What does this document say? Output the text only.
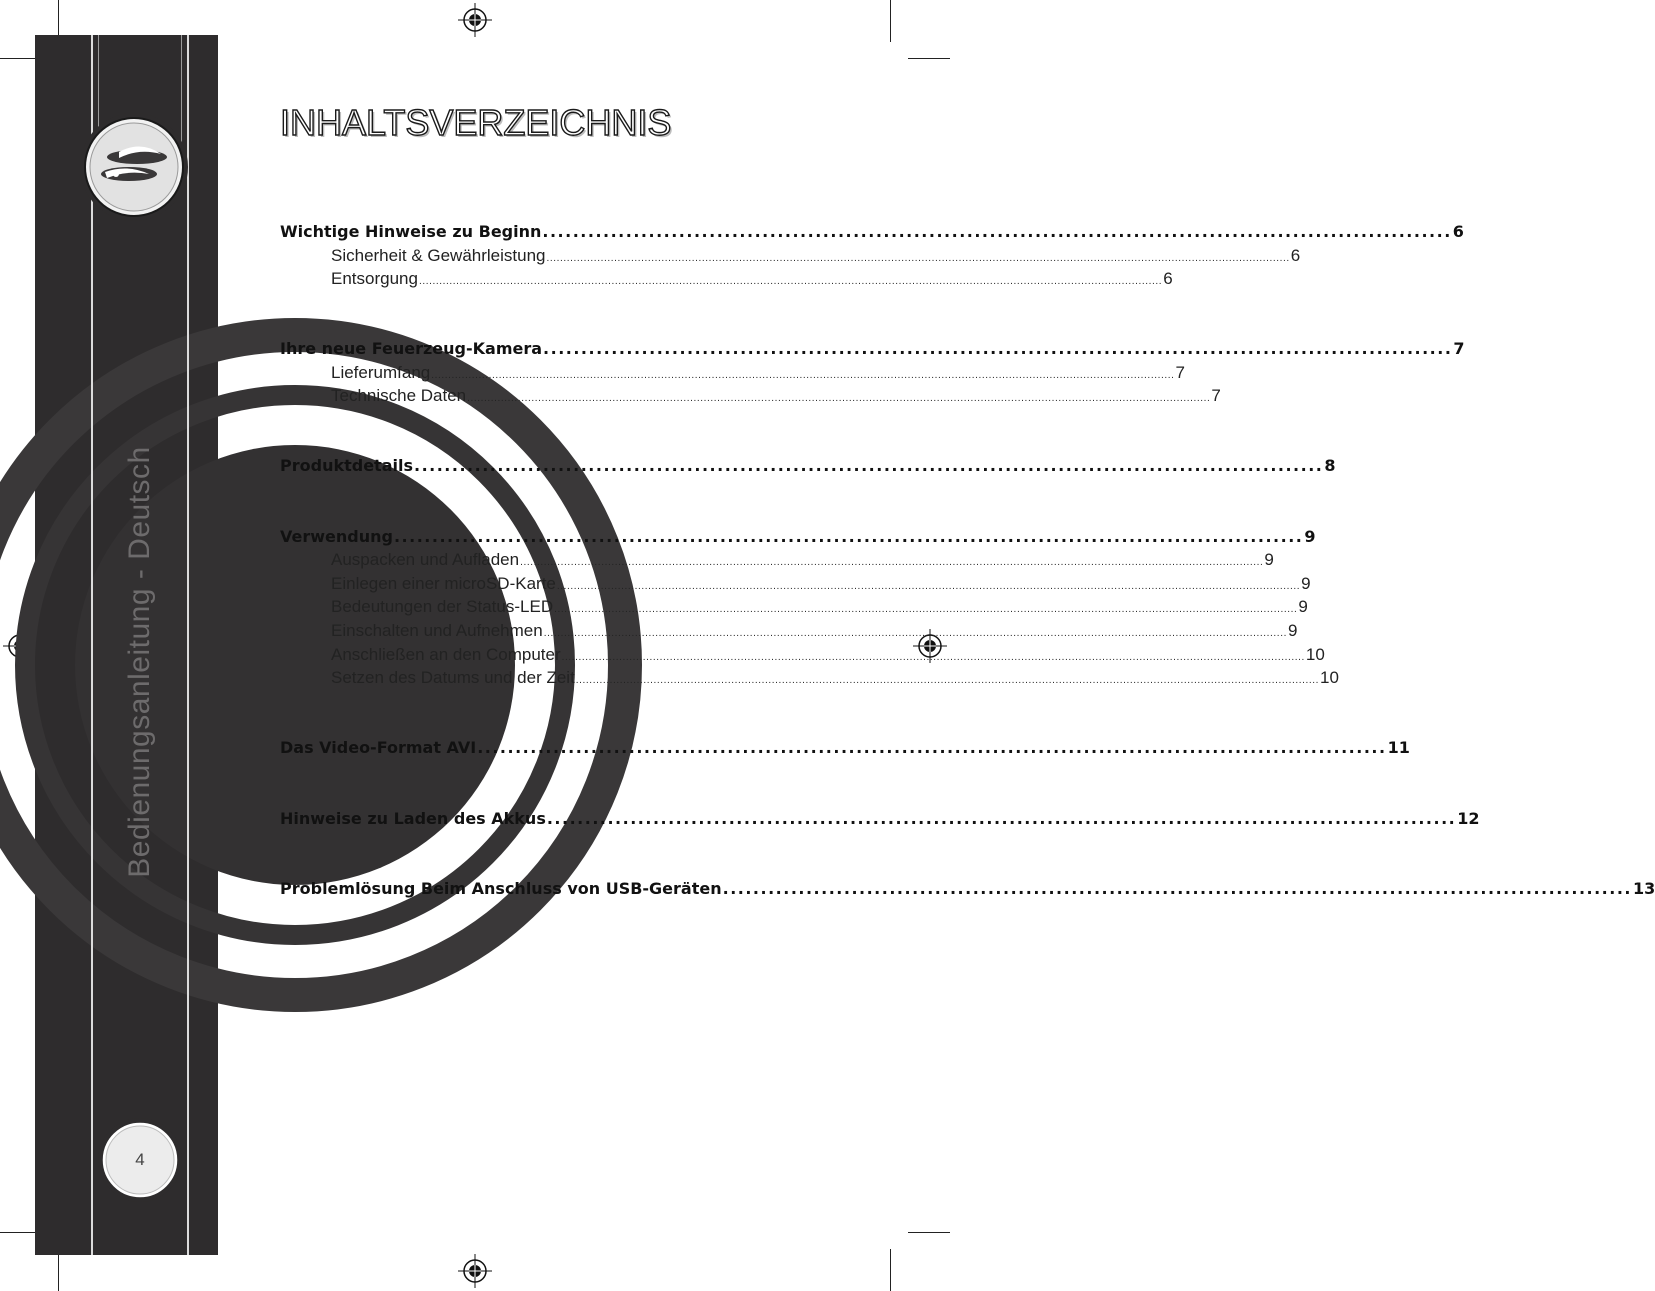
Bedienungsanleitung - Deutsch
4
INHALTSVERZEICHNIS
Wichtige Hinweise zu Beginn ........................................................................................................................ 6
Sicherheit & Gewährleistung ............................................................................................................................................................................................................................ 6
Entsorgung ............................................................................................................................................................................................................................ 6
Ihre neue Feuerzeug-Kamera ........................................................................................................................ 7
Lieferumfang ............................................................................................................................................................................................................................ 7
Technische Daten ............................................................................................................................................................................................................................ 7
Produktdetails ........................................................................................................................ 8
Verwendung ........................................................................................................................ 9
Auspacken und Aufladen ............................................................................................................................................................................................................................ 9
Einlegen einer microSD-Karte ............................................................................................................................................................................................................................ 9
Bedeutungen der Status-LED ............................................................................................................................................................................................................................ 9
Einschalten und Aufnehmen ............................................................................................................................................................................................................................ 9
Anschließen an den Computer ............................................................................................................................................................................................................................ 10
Setzen des Datums und der Zeit ............................................................................................................................................................................................................................ 10
Das Video-Format AVI ........................................................................................................................ 11
Hinweise zu Laden des Akkus ........................................................................................................................ 12
Problemlösung Beim Anschluss von USB-Geräten ........................................................................................................................ 13
